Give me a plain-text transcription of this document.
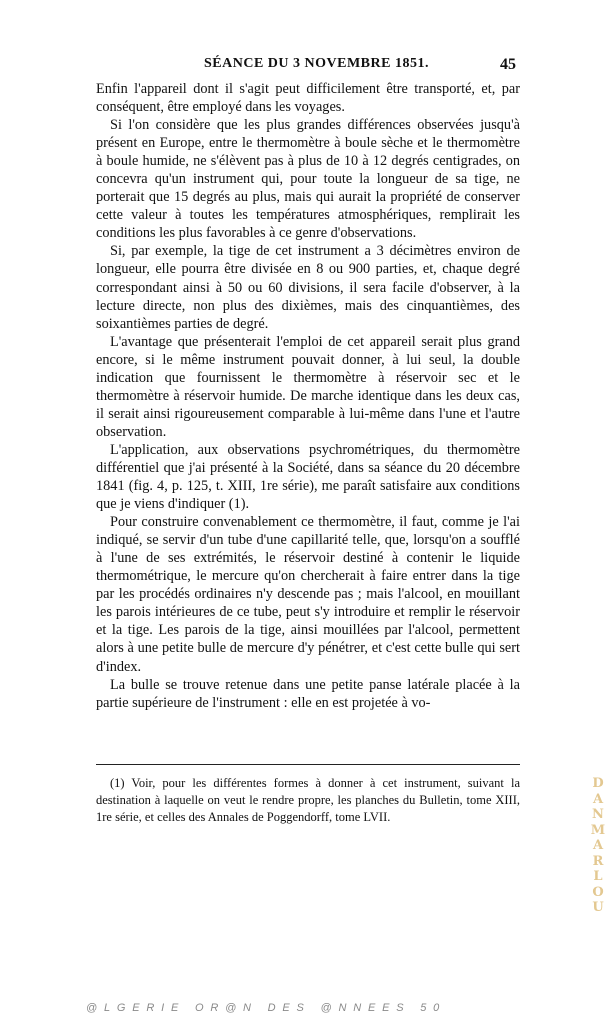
SÉANCE DU 3 NOVEMBRE 1851.	45

Enfin l'appareil dont il s'agit peut difficilement être transporté, et, par conséquent, être employé dans les voyages.

Si l'on considère que les plus grandes différences observées jusqu'à présent en Europe, entre le thermomètre à boule sèche et le thermomètre à boule humide, ne s'élèvent pas à plus de 10 à 12 degrés centigrades, on concevra qu'un instrument qui, pour toute la longueur de sa tige, ne porterait que 15 degrés au plus, mais qui aurait la propriété de conserver cette valeur à toutes les températures atmosphériques, remplirait les conditions les plus favorables à ce genre d'observations.

Si, par exemple, la tige de cet instrument a 3 décimètres environ de longueur, elle pourra être divisée en 8 ou 900 parties, et, chaque degré correspondant ainsi à 50 ou 60 divisions, il sera facile d'observer, à la lecture directe, non plus des dixièmes, mais des cinquantièmes, des soixantièmes parties de degré.

L'avantage que présenterait l'emploi de cet appareil serait plus grand encore, si le même instrument pouvait donner, à lui seul, la double indication que fournissent le thermomètre à réservoir sec et le thermomètre à réservoir humide. De marche identique dans les deux cas, il serait ainsi rigoureusement comparable à lui-même dans l'une et l'autre observation.

L'application, aux observations psychrométriques, du thermomètre différentiel que j'ai présenté à la Société, dans sa séance du 20 décembre 1841 (fig. 4, p. 125, t. XIII, 1re série), me paraît satisfaire aux conditions que je viens d'indiquer (1).

Pour construire convenablement ce thermomètre, il faut, comme je l'ai indiqué, se servir d'un tube d'une capillarité telle, que, lorsqu'on a soufflé à l'une de ses extrémités, le réservoir destiné à contenir le liquide thermométrique, le mercure qu'on chercherait à faire entrer dans la tige par les procédés ordinaires n'y descende pas ; mais l'alcool, en mouillant les parois intérieures de ce tube, peut s'y introduire et remplir le réservoir et la tige. Les parois de la tige, ainsi mouillées par l'alcool, permettent alors à une petite bulle de mercure d'y pénétrer, et c'est cette bulle qui sert d'index.

La bulle se trouve retenue dans une petite panse latérale placée à la partie supérieure de l'instrument : elle en est projetée à vo-

(1) Voir, pour les différentes formes à donner à cet instrument, suivant la destination à laquelle on veut le rendre propre, les planches du Bulletin, tome XIII, 1re série, et celles des Annales de Poggendorff, tome LVII.

DANMARLOU
@LGERIE OR@N DES @NNEES 50
